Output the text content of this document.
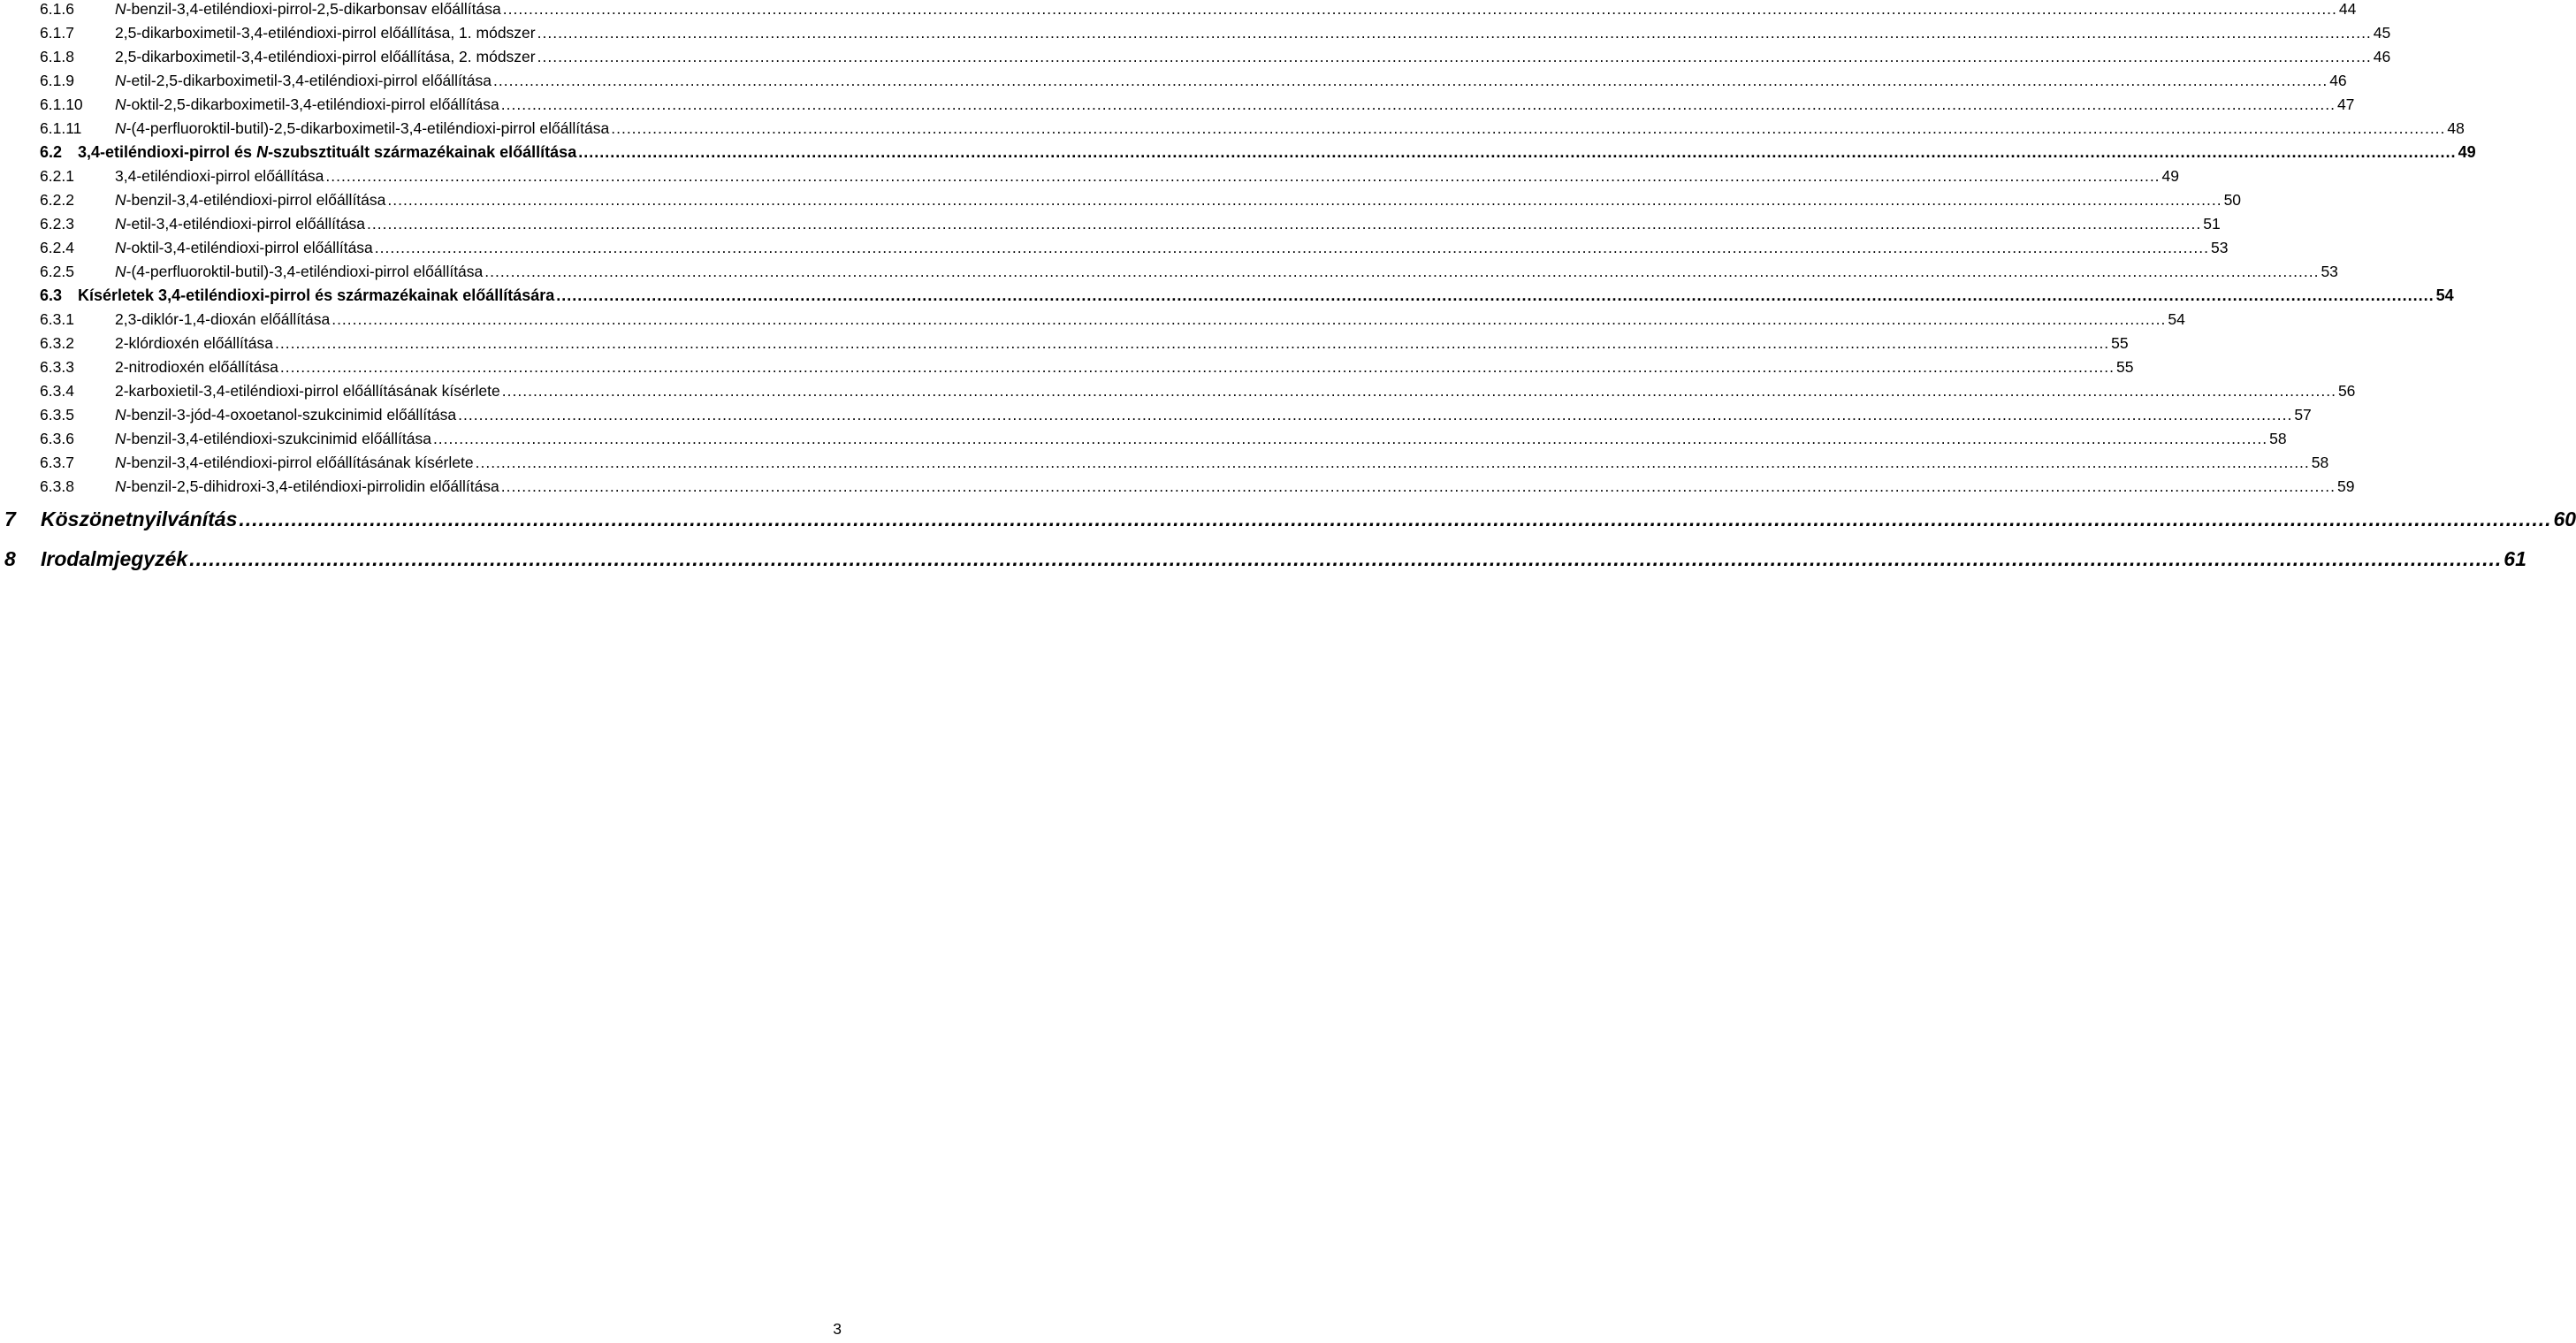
6.1.6	N-benzil-3,4-etiléndioxi-pirrol-2,5-dikarbonsav előállítása .....	44
6.1.7	2,5-dikarboximetil-3,4-etiléndioxi-pirrol előállítása, 1. módszer .....	45
6.1.8	2,5-dikarboximetil-3,4-etiléndioxi-pirrol előállítása, 2. módszer .....	46
6.1.9	N-etil-2,5-dikarboximetil-3,4-etiléndioxi-pirrol előállítása .....	46
6.1.10	N-oktil-2,5-dikarboximetil-3,4-etiléndioxi-pirrol előállítása .....	47
6.1.11	N-(4-perfluoroktil-butil)-2,5-dikarboximetil-3,4-etiléndioxi-pirrol előállítása .....	48
6.2 3,4-etiléndioxi-pirrol és N-szubsztituált származékainak előállítása .....	49
6.2.1	3,4-etiléndioxi-pirrol előállítása .....	49
6.2.2	N-benzil-3,4-etiléndioxi-pirrol előállítása .....	50
6.2.3	N-etil-3,4-etiléndioxi-pirrol előállítása .....	51
6.2.4	N-oktil-3,4-etiléndioxi-pirrol előállítása .....	53
6.2.5	N-(4-perfluoroktil-butil)-3,4-etiléndioxi-pirrol előállítása .....	53
6.3 Kísérletek 3,4-etiléndioxi-pirrol és származékainak előállítására .....	54
6.3.1	2,3-diklór-1,4-dioxán előállítása .....	54
6.3.2	2-klórdioxén előállítása .....	55
6.3.3	2-nitrodioxén előállítása .....	55
6.3.4	2-karboxietil-3,4-etiléndioxi-pirrol előállításának kísérlete .....	56
6.3.5	N-benzil-3-jód-4-oxoetanol-szukcinimid előállítása .....	57
6.3.6	N-benzil-3,4-etiléndioxi-szukcinimid előállítása .....	58
6.3.7	N-benzil-3,4-etiléndioxi-pirrol előállításának kísérlete .....	58
6.3.8	N-benzil-2,5-dihidroxi-3,4-etiléndioxi-pirrolidin előállítása .....	59
7	Köszönetnyilvánítás .....	60
8	Irodalmjegyzék .....	61
3
